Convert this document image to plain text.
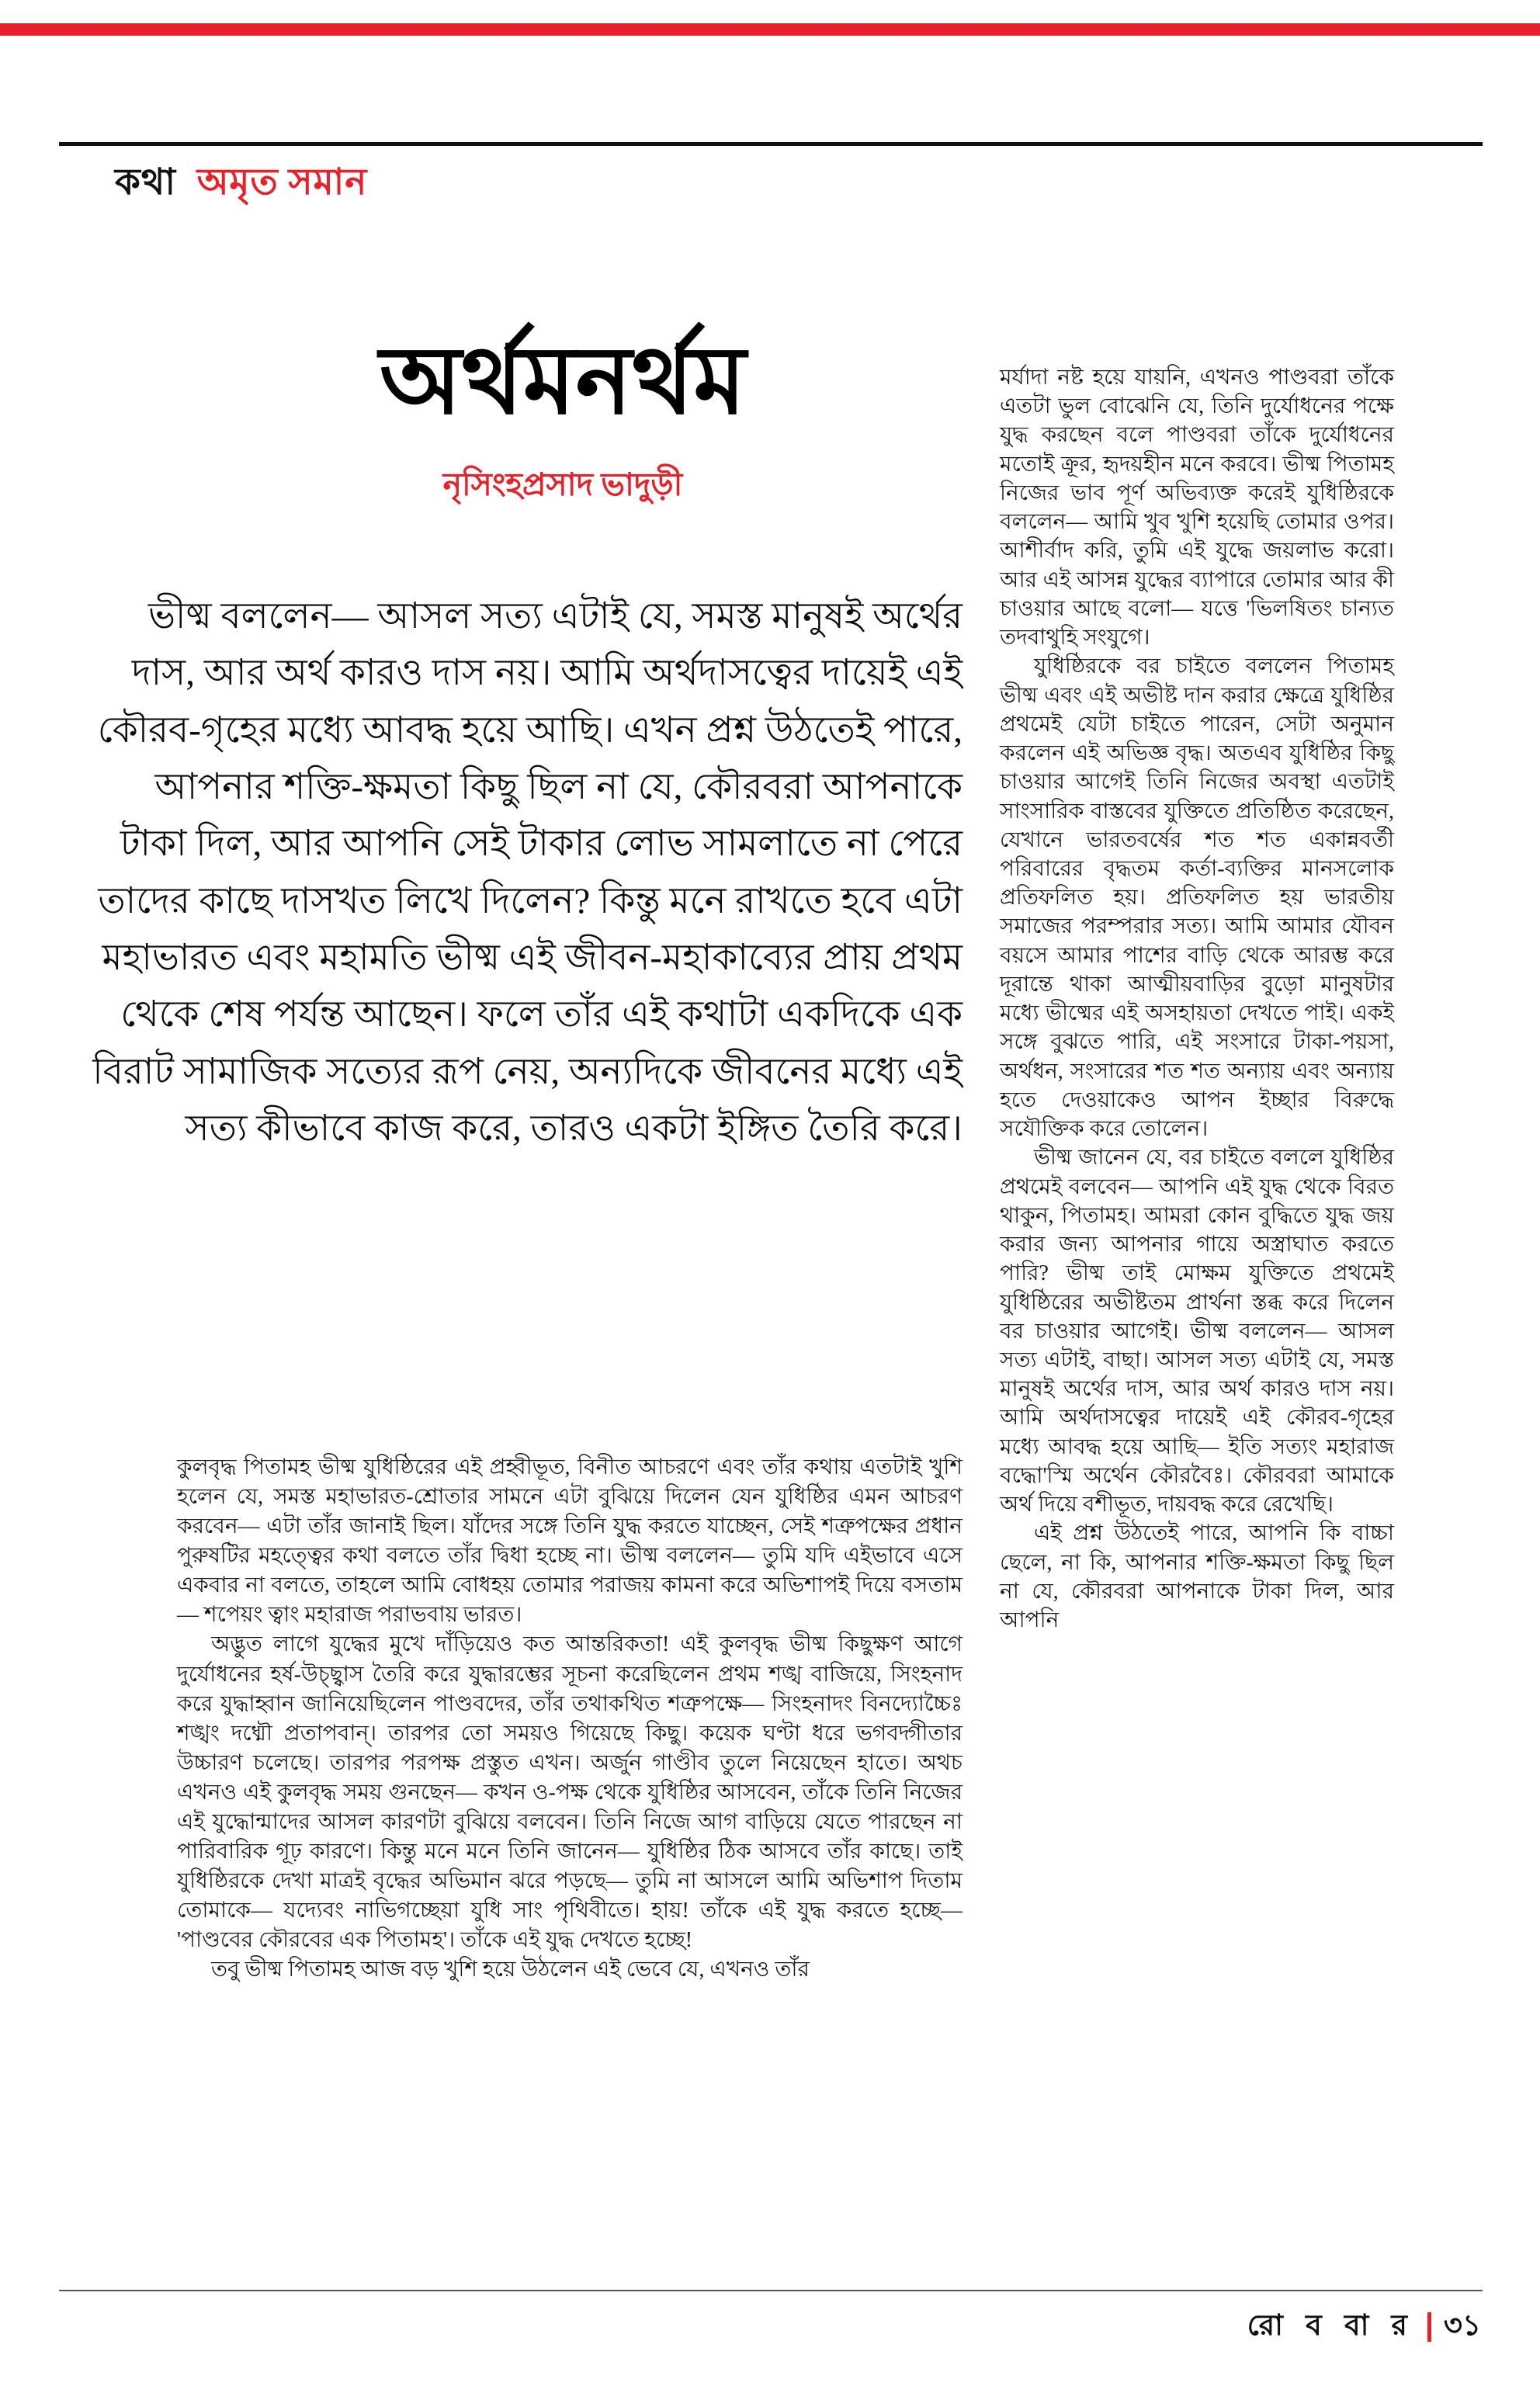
কথা অমৃত সমান
অর্থমনর্থম
নৃসিংহপ্রসাদ ভাদুড়ী
ভীষ্ম বললেন— আসল সত্য এটাই যে, সমস্ত মানুষই অর্থের দাস, আর অর্থ কারও দাস নয়। আমি অর্থদাসত্বের দায়েই এই কৌরব-গৃহের মধ্যে আবদ্ধ হয়ে আছি। এখন প্রশ্ন উঠতেই পারে, আপনার শক্তি-ক্ষমতা কিছু ছিল না যে, কৌরবরা আপনাকে টাকা দিল, আর আপনি সেই টাকার লোভ সামলাতে না পেরে তাদের কাছে দাসখত লিখে দিলেন? কিন্তু মনে রাখতে হবে এটা মহাভারত এবং মহামতি ভীষ্ম এই জীবন-মহাকাব্যের প্রায় প্রথম থেকে শেষ পর্যন্ত আছেন। ফলে তাঁর এই কথাটা একদিকে এক বিরাট সামাজিক সত্যের রূপ নেয়, অন্যদিকে জীবনের মধ্যে এই সত্য কীভাবে কাজ করে, তারও একটা ইঙ্গিত তৈরি করে।

কুলবৃদ্ধ পিতামহ ভীষ্ম যুধিষ্ঠিরের এই প্রহ্বীভূত, বিনীত আচরণে এবং তাঁর কথায় এতটাই খুশি হলেন যে, সমস্ত মহাভারত-শ্রোতার সামনে এটা বুঝিয়ে দিলেন যেন যুধিষ্ঠির এমন আচরণ করবেন— এটা তাঁর জানাই ছিল। যাঁদের সঙ্গে তিনি যুদ্ধ করতে যাচ্ছেন, সেই শত্রুপক্ষের প্রধান পুরুষটির মহত্ত্বের কথা বলতে তাঁর দ্বিধা হচ্ছে না। ভীষ্ম বললেন— তুমি যদি এইভাবে এসে একবার না বলতে, তাহলে আমি বোধহয় তোমার পরাজয় কামনা করে অভিশাপই দিয়ে বসতাম— শপেয়ং ত্বাং মহারাজ পরাভবায় ভারত।

অদ্ভুত লাগে যুদ্ধের মুখে দাঁড়িয়েও কত আন্তরিকতা! এই কুলবৃদ্ধ ভীষ্ম কিছুক্ষণ আগে দুর্যোধনের হর্ষ-উচ্ছ্বাস তৈরি করে যুদ্ধারম্ভের সূচনা করেছিলেন প্রথম শঙ্খ বাজিয়ে, সিংহনাদ করে যুদ্ধাহ্বান জানিয়েছিলেন পাণ্ডবদের, তাঁর তথাকথিত শত্রুপক্ষে— সিংহনাদং বিনদ্যোচ্চৈঃ শঙ্খং দধ্মৌ প্রতাপবান্। তারপর তো সময়ও গিয়েছে কিছু। কয়েক ঘণ্টা ধরে ভগবদ্গীতার উচ্চারণ চলেছে। তারপর পরপক্ষ প্রস্তুত এখন। অর্জুন গাণ্ডীব তুলে নিয়েছেন হাতে। অথচ এখনও এই কুলবৃদ্ধ সময় গুনছেন— কখন ও-পক্ষ থেকে যুধিষ্ঠির আসবেন, তাঁকে তিনি নিজের এই যুদ্ধোন্মাদের আসল কারণটা বুঝিয়ে বলবেন। তিনি নিজে আগ বাড়িয়ে যেতে পারছেন না পারিবারিক গূঢ় কারণে। কিন্তু মনে মনে তিনি জানেন— যুধিষ্ঠির ঠিক আসবে তাঁর কাছে। তাই যুধিষ্ঠিরকে দেখা মাত্রই বৃদ্ধের অভিমান ঝরে পড়ছে— তুমি না আসলে আমি অভিশাপ দিতাম তোমাকে— যদ্যেবং নাভিগচ্ছেয়া যুধি সাং পৃথিবীতে। হায়! তাঁকে এই যুদ্ধ করতে হচ্ছে— 'পাণ্ডবের কৌরবের এক পিতামহ'। তাঁকে এই যুদ্ধ দেখতে হচ্ছে!

তবু ভীষ্ম পিতামহ আজ বড় খুশি হয়ে উঠলেন এই ভেবে যে, এখনও তাঁর

মর্যাদা নষ্ট হয়ে যায়নি, এখনও পাণ্ডবরা তাঁকে এতটা ভুল বোঝেনি যে, তিনি দুর্যোধনের পক্ষে যুদ্ধ করছেন বলে পাণ্ডবরা তাঁকে দুর্যোধনের মতোই ক্রূর, হৃদয়হীন মনে করবে। ভীষ্ম পিতামহ নিজের ভাব পূর্ণ অভিব্যক্ত করেই যুধিষ্ঠিরকে বললেন— আমি খুব খুশি হয়েছি তোমার ওপর। আশীর্বাদ করি, তুমি এই যুদ্ধে জয়লাভ করো। আর এই আসন্ন যুদ্ধের ব্যাপারে তোমার আর কী চাওয়ার আছে বলো— যত্তে 'ভিলষিতং চান্যত তদবাথুহি সংযুগে।

যুধিষ্ঠিরকে বর চাইতে বললেন পিতামহ ভীষ্ম এবং এই অভীষ্ট দান করার ক্ষেত্রে যুধিষ্ঠির প্রথমেই যেটা চাইতে পারেন, সেটা অনুমান করলেন এই অভিজ্ঞ বৃদ্ধ। অতএব যুধিষ্ঠির কিছু চাওয়ার আগেই তিনি নিজের অবস্থা এতটাই সাংসারিক বাস্তবের যুক্তিতে প্রতিষ্ঠিত করেছেন, যেখানে ভারতবর্ষের শত শত একান্নবর্তী পরিবারের বৃদ্ধতম কর্তা-ব্যক্তির মানসলোক প্রতিফলিত হয়। প্রতিফলিত হয় ভারতীয় সমাজের পরম্পরার সত্য। আমি আমার যৌবন বয়সে আমার পাশের বাড়ি থেকে আরম্ভ করে দূরান্তে থাকা আত্মীয়বাড়ির বুড়ো মানুষটার মধ্যে ভীষ্মের এই অসহায়তা দেখতে পাই। একই সঙ্গে বুঝতে পারি, এই সংসারে টাকা-পয়সা, অর্থধন, সংসারের শত শত অন্যায় এবং অন্যায় হতে দেওয়াকেও আপন ইচ্ছার বিরুদ্ধে সযৌক্তিক করে তোলেন।

ভীষ্ম জানেন যে, বর চাইতে বললে যুধিষ্ঠির প্রথমেই বলবেন— আপনি এই যুদ্ধ থেকে বিরত থাকুন, পিতামহ। আমরা কোন বুদ্ধিতে যুদ্ধ জয় করার জন্য আপনার গায়ে অস্ত্রাঘাত করতে পারি? ভীষ্ম তাই মোক্ষম যুক্তিতে প্রথমেই যুধিষ্ঠিরের অভীষ্টতম প্রার্থনা স্তব্ধ করে দিলেন বর চাওয়ার আগেই। ভীষ্ম বললেন— আসল সত্য এটাই, বাছা। আসল সত্য এটাই যে, সমস্ত মানুষই অর্থের দাস, আর অর্থ কারও দাস নয়। আমি অর্থদাসত্বের দায়েই এই কৌরব-গৃহের মধ্যে আবদ্ধ হয়ে আছি— ইতি সত্যং মহারাজ বদ্ধো'স্মি অর্থেন কৌরবৈঃ। কৌরবরা আমাকে অর্থ দিয়ে বশীভূত, দায়বদ্ধ করে রেখেছি।

এই প্রশ্ন উঠতেই পারে, আপনি কি বাচ্চা ছেলে, না কি, আপনার শক্তি-ক্ষমতা কিছু ছিল না যে, কৌরবরা আপনাকে টাকা দিল, আর আপনি

রো ব বা র ৩১
